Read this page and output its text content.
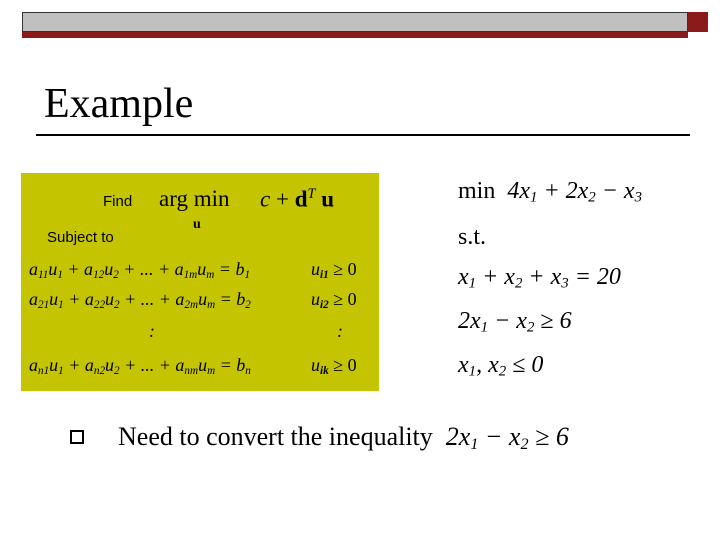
Example
Find arg $\min c + d^T$ u
u
Subject to
$a_{11}u_1 + a_{12}u_2$ + ... + $a_{1m}u_m = b_1$
$a_{21}u_1 + a_{22}u_2$ + ... + $a_{2m}u_m = b_2$
:
$a_{n1}u_1 + a_{n2}u_2$ + ... + $a_{nm}u_m = b_n$
$u_{i1} \ge 0$
$u_{i2} \ge 0$
:
$u_{ik} \ge 0$
$\min 4x_1 + 2x_2 - x_3$
s.t.
$x_1 + x_2 + x_3 = 20$
$2x_1 - x_2 \ge 6$
$x_1$, $x_2 \le 0$
Need to convert the inequality $2x_1 - x_2 \ge 6$
